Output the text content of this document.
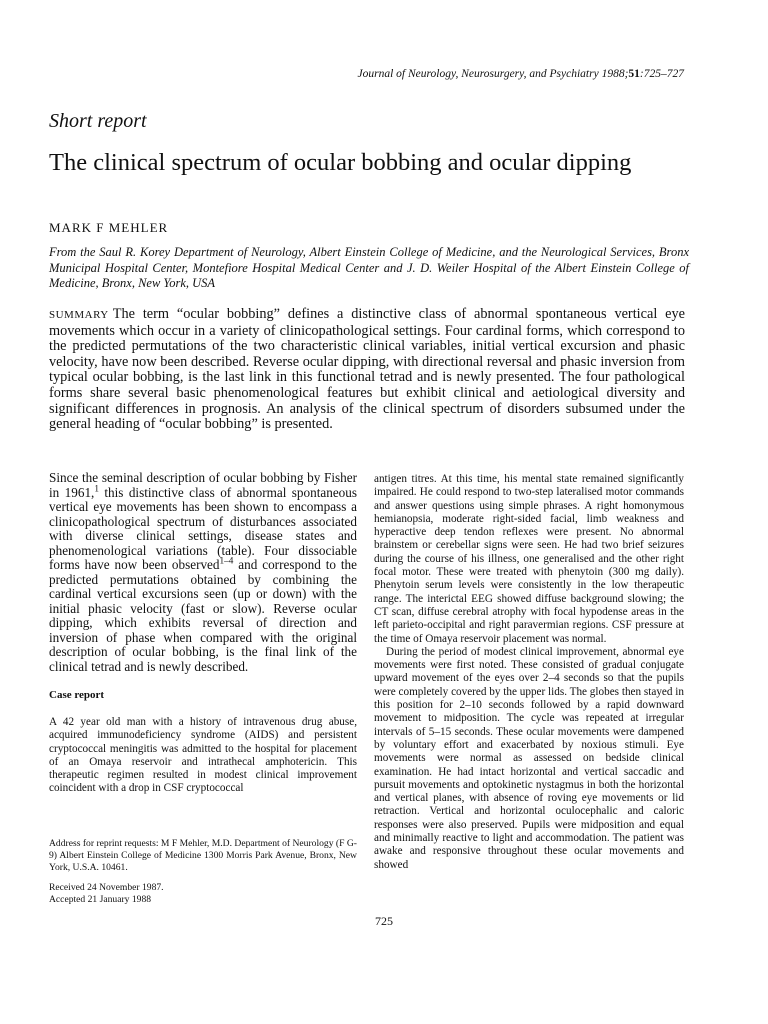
Journal of Neurology, Neurosurgery, and Psychiatry 1988;51:725–727
Short report
The clinical spectrum of ocular bobbing and ocular dipping
MARK F MEHLER
From the Saul R. Korey Department of Neurology, Albert Einstein College of Medicine, and the Neurological Services, Bronx Municipal Hospital Center, Montefiore Hospital Medical Center and J. D. Weiler Hospital of the Albert Einstein College of Medicine, Bronx, New York, USA

SUMMARY The term “ocular bobbing” defines a distinctive class of abnormal spontaneous vertical eye movements which occur in a variety of clinicopathological settings. Four cardinal forms, which correspond to the predicted permutations of the two characteristic clinical variables, initial vertical excursion and phasic velocity, have now been described. Reverse ocular dipping, with directional reversal and phasic inversion from typical ocular bobbing, is the last link in this functional tetrad and is newly presented. The four pathological forms share several basic phenomenological features but exhibit clinical and aetiological diversity and significant differences in prognosis. An analysis of the clinical spectrum of disorders subsumed under the general heading of “ocular bobbing” is presented.

Since the seminal description of ocular bobbing by Fisher in 1961,$^1$ this distinctive class of abnormal spontaneous vertical eye movements has been shown to encompass a clinicopathological spectrum of disturbances associated with diverse clinical settings, disease states and phenomenological variations (table). Four dissociable forms have now been observed$^{1-4}$ and correspond to the predicted permutations obtained by combining the cardinal vertical excursions seen (up or down) with the initial phasic velocity (fast or slow). Reverse ocular dipping, which exhibits reversal of direction and inversion of phase when compared with the original description of ocular bobbing, is the final link of the clinical tetrad and is newly described.

Case report

A 42 year old man with a history of intravenous drug abuse, acquired immunodeficiency syndrome (AIDS) and persistent cryptococcal meningitis was admitted to the hospital for placement of an Omaya reservoir and intrathecal amphotericin. This therapeutic regimen resulted in modest clinical improvement coincident with a drop in CSF cryptococcal

Address for reprint requests: M F Mehler, M.D. Department of Neurology (F G-9) Albert Einstein College of Medicine 1300 Morris Park Avenue, Bronx, New York, U.S.A. 10461.

Received 24 November 1987.
Accepted 21 January 1988

antigen titres. At this time, his mental state remained significantly impaired. He could respond to two-step lateralised motor commands and answer questions using simple phrases. A right homonymous hemianopsia, moderate right-sided facial, limb weakness and hyperactive deep tendon reflexes were present. No abnormal brainstem or cerebellar signs were seen. He had two brief seizures during the course of his illness, one generalised and the other right focal motor. These were treated with phenytoin (300 mg daily). Phenytoin serum levels were consistently in the low therapeutic range. The interictal EEG showed diffuse background slowing; the CT scan, diffuse cerebral atrophy with focal hypodense areas in the left parieto-occipital and right paravermian regions. CSF pressure at the time of Omaya reservoir placement was normal.

During the period of modest clinical improvement, abnormal eye movements were first noted. These consisted of gradual conjugate upward movement of the eyes over 2–4 seconds so that the pupils were completely covered by the upper lids. The globes then stayed in this position for 2–10 seconds followed by a rapid downward movement to midposition. The cycle was repeated at irregular intervals of 5–15 seconds. These ocular movements were dampened by voluntary effort and exacerbated by noxious stimuli. Eye movements were normal as assessed on bedside clinical examination. He had intact horizontal and vertical saccadic and pursuit movements and optokinetic nystagmus in both the horizontal and vertical planes, with absence of roving eye movements or lid retraction. Vertical and horizontal oculocephalic and caloric responses were also preserved. Pupils were midposition and equal and minimally reactive to light and accommodation. The patient was awake and responsive throughout these ocular movements and showed

725
